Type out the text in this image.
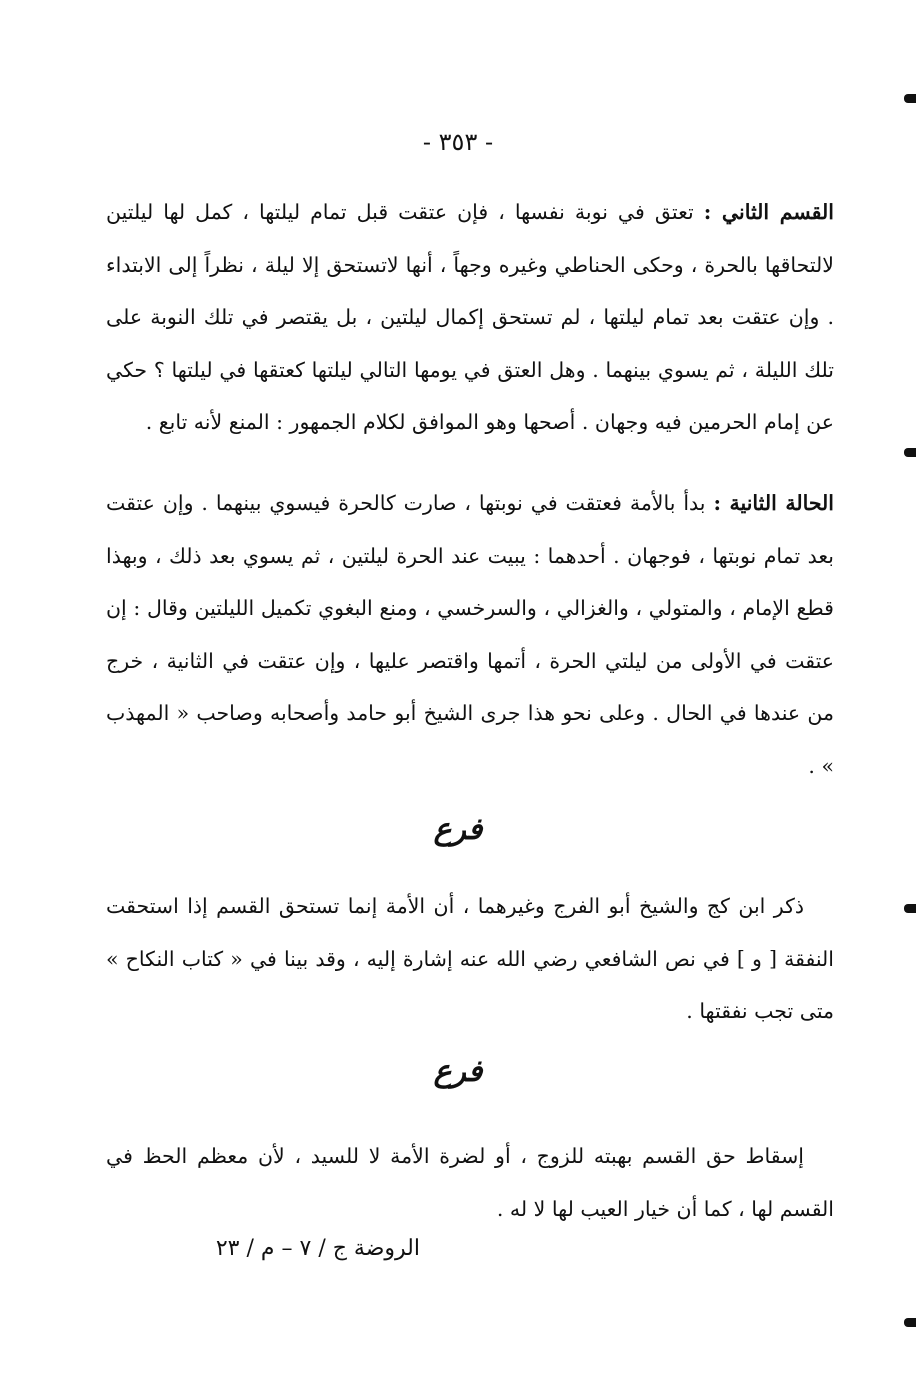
- ٣٥٣ -

القسم الثاني : تعتق في نوبة نفسها ، فإن عتقت قبل تمام ليلتها ، كمل لها ليلتين لالتحاقها بالحرة ، وحكى الحناطي وغيره وجهاً ، أنها لاتستحق إلا ليلة ، نظراً إلى الابتداء . وإن عتقت بعد تمام ليلتها ، لم تستحق إكمال ليلتين ، بل يقتصر في تلك النوبة على تلك الليلة ، ثم يسوي بينهما . وهل العتق في يومها التالي ليلتها كعتقها في ليلتها ؟ حكي عن إمام الحرمين فيه وجهان . أصحها وهو الموافق لكلام الجمهور : المنع لأنه تابع .

الحالة الثانية : بدأ بالأمة فعتقت في نوبتها ، صارت كالحرة فيسوي بينهما . وإن عتقت بعد تمام نوبتها ، فوجهان . أحدهما : يبيت عند الحرة ليلتين ، ثم يسوي بعد ذلك ، وبهذا قطع الإمام ، والمتولي ، والغزالي ، والسرخسي ، ومنع البغوي تكميل الليلتين وقال : إن عتقت في الأولى من ليلتي الحرة ، أتمها واقتصر عليها ، وإن عتقت في الثانية ، خرج من عندها في الحال . وعلى نحو هذا جرى الشيخ أبو حامد وأصحابه وصاحب « المهذب » .

فرع

ذكر ابن كج والشيخ أبو الفرج وغيرهما ، أن الأمة إنما تستحق القسم إذا استحقت النفقة [ و ] في نص الشافعي رضي الله عنه إشارة إليه ، وقد بينا في « كتاب النكاح » متى تجب نفقتها .

فرع

إسقاط حق القسم بهبته للزوج ، أو لضرة الأمة لا للسيد ، لأن معظم الحظ في القسم لها ، كما أن خيار العيب لها لا له .

الروضة ج / ٧ – م / ٢٣
